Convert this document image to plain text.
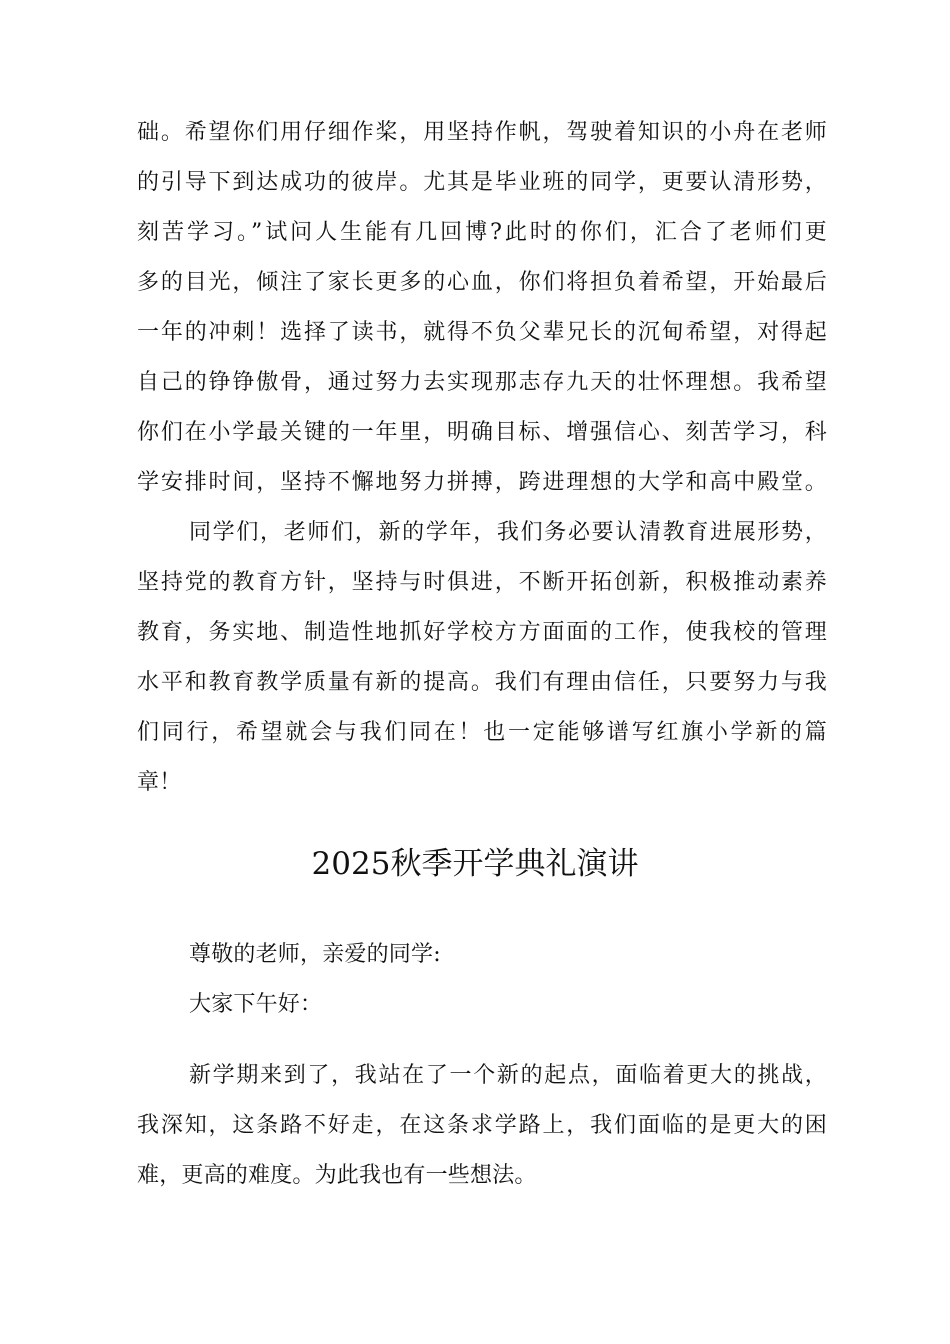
础。希望你们用仔细作桨，用坚持作帆，驾驶着知识的小舟在老师
的引导下到达成功的彼岸。尤其是毕业班的同学，更要认清形势，
刻苦学习。”试问人生能有几回博?此时的你们，汇合了老师们更
多的目光，倾注了家长更多的心血，你们将担负着希望，开始最后
一年的冲刺！选择了读书，就得不负父辈兄长的沉甸希望，对得起
自己的铮铮傲骨，通过努力去实现那志存九天的壮怀理想。我希望
你们在小学最关键的一年里，明确目标、增强信心、刻苦学习，科
学安排时间，坚持不懈地努力拼搏，跨进理想的大学和高中殿堂。
同学们，老师们，新的学年，我们务必要认清教育进展形势，
坚持党的教育方针，坚持与时俱进，不断开拓创新，积极推动素养
教育，务实地、制造性地抓好学校方方面面的工作，使我校的管理
水平和教育教学质量有新的提高。我们有理由信任，只要努力与我
们同行，希望就会与我们同在！也一定能够谱写红旗小学新的篇
章！
2025秋季开学典礼演讲
尊敬的老师，亲爱的同学:
大家下午好：
新学期来到了，我站在了一个新的起点，面临着更大的挑战，
我深知，这条路不好走，在这条求学路上，我们面临的是更大的困
难，更高的难度。为此我也有一些想法。
